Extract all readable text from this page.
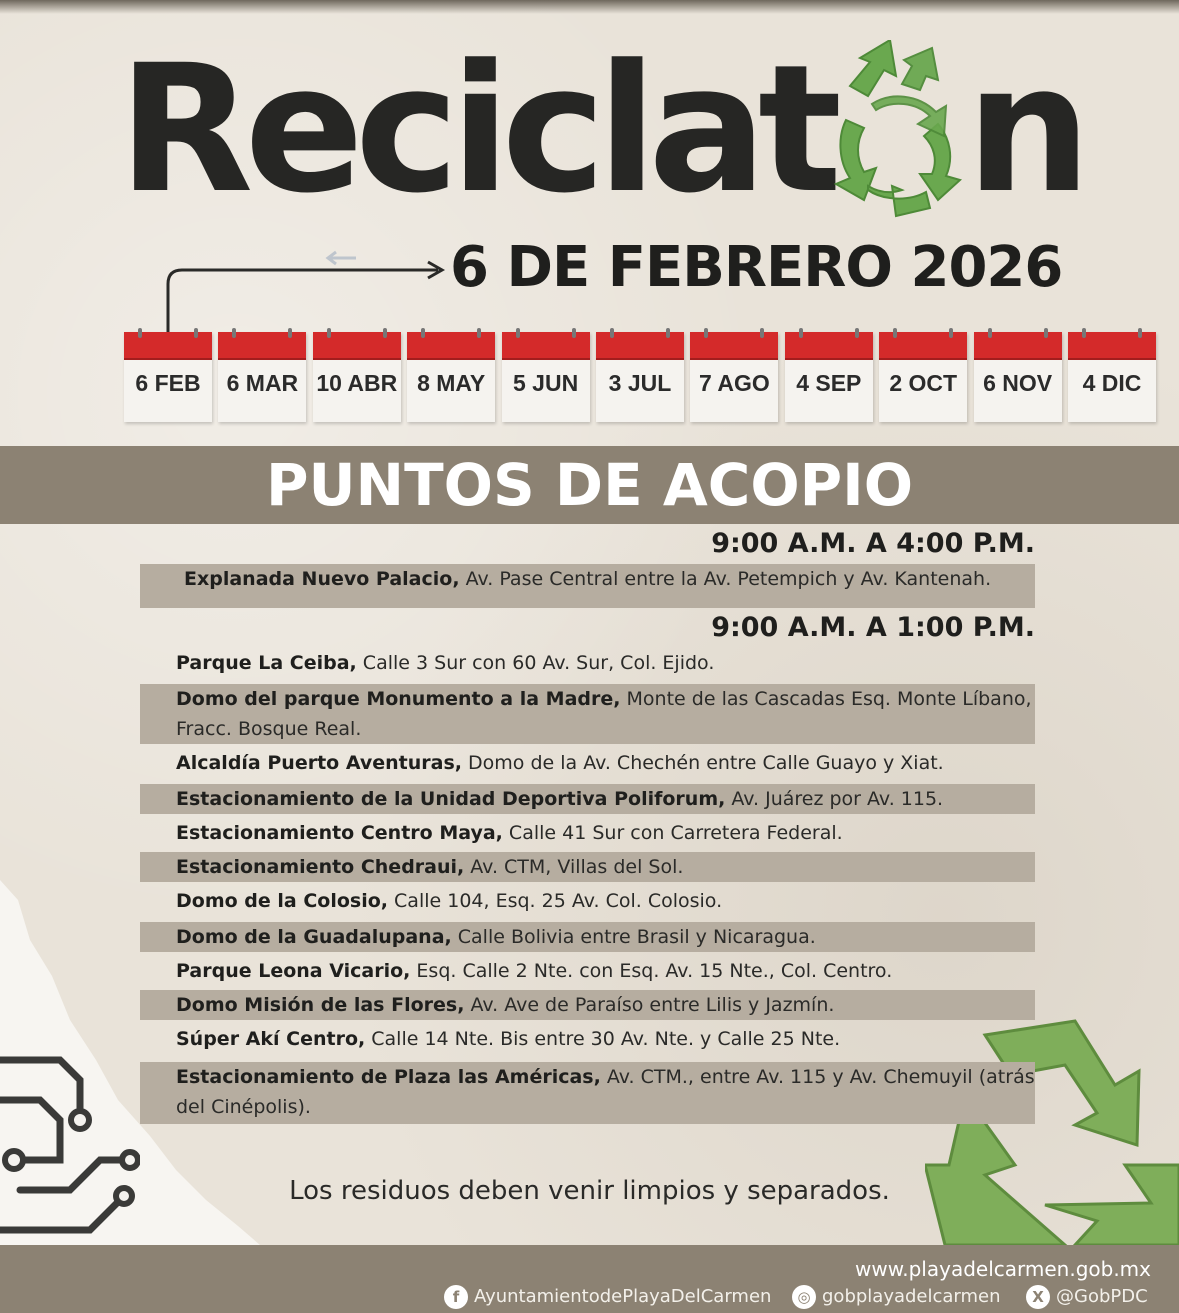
Reciclat n
6 DE FEBRERO 2026
6 FEB	6 MAR 10 ABR 8 MAY	5 JUN	3 JUL	7 AGO	4 SEP	2 OCT	6 NOV	4 DIC
PUNTOS DE ACOPIO
9:00 A.M. A 4:00 P.M.
Explanada Nuevo Palacio, Av. Pase Central entre la Av. Petempich y Av. Kantenah.
9:00 A.M. A 1:00 P.M.
Parque La Ceiba, Calle 3 Sur con 60 Av. Sur, Col. Ejido.
Domo del parque Monumento a la Madre, Monte de las Cascadas Esq. Monte Líbano, Fracc. Bosque Real.
Alcaldía Puerto Aventuras, Domo de la Av. Chechén entre Calle Guayo y Xiat.
Estacionamiento de la Unidad Deportiva Poliforum, Av. Juárez por Av. 115.
Estacionamiento Centro Maya, Calle 41 Sur con Carretera Federal.
Estacionamiento Chedraui, Av. CTM, Villas del Sol.
Domo de la Colosio, Calle 104, Esq. 25 Av. Col. Colosio.
Domo de la Guadalupana, Calle Bolivia entre Brasil y Nicaragua.
Parque Leona Vicario, Esq. Calle 2 Nte. con Esq. Av. 15 Nte., Col. Centro.
Domo Misión de las Flores, Av. Ave de Paraíso entre Lilis y Jazmín.
Súper Akí Centro, Calle 14 Nte. Bis entre 30 Av. Nte. y Calle 25 Nte.
Estacionamiento de Plaza las Américas, Av. CTM., entre Av. 115 y Av. Chemuyil (atrás del Cinépolis).
Los residuos deben venir limpios y separados.
www.playadelcarmen.gob.mx
f AyuntamientodePlayaDelCarmen	◎ gobplayadelcarmen	X @GobPDC
